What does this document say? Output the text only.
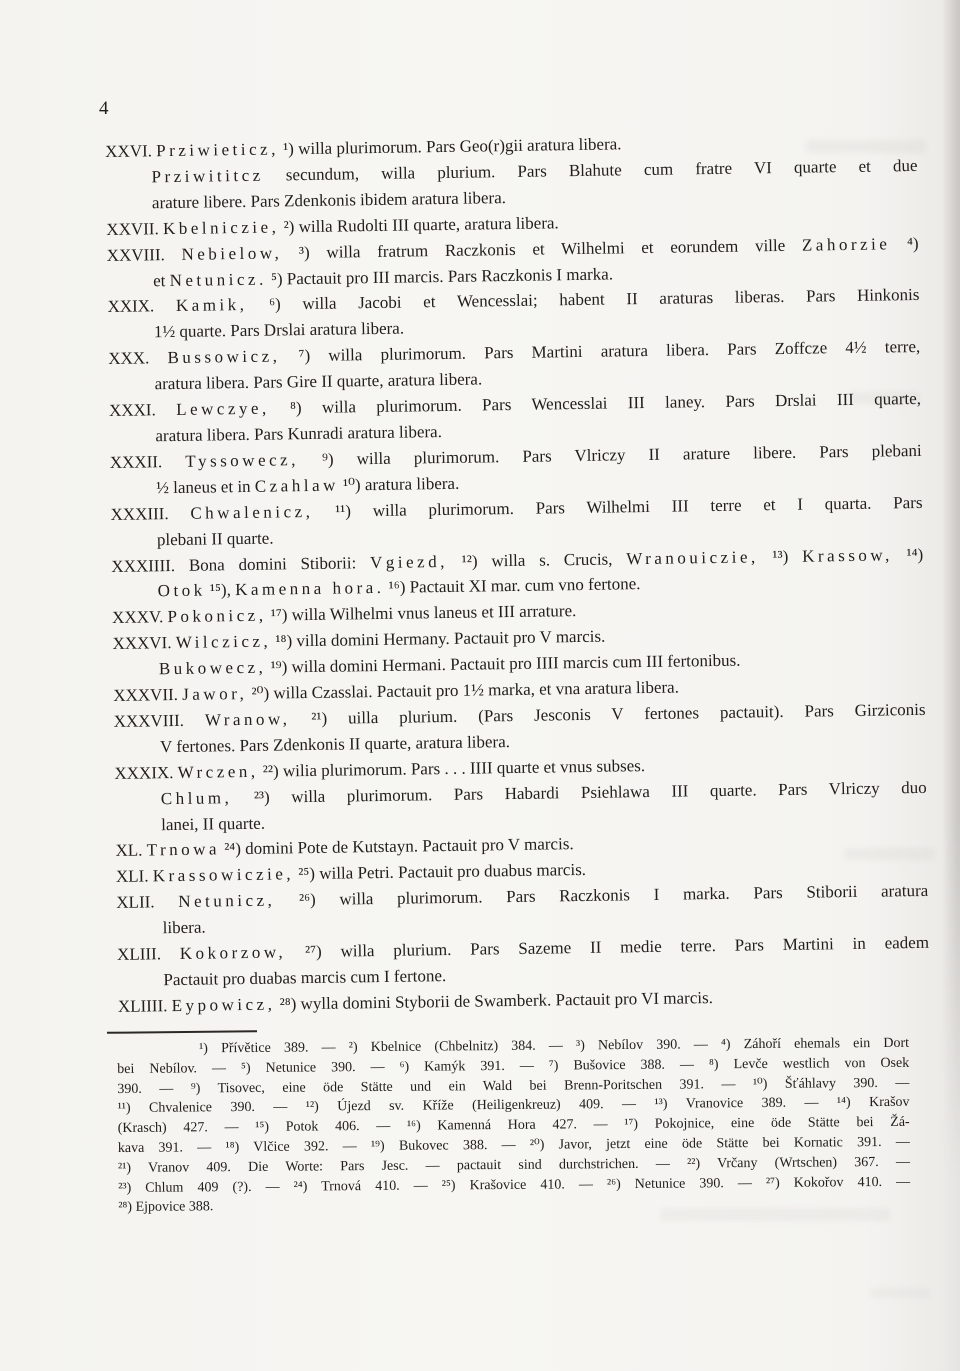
4
XXVI. Prziwieticz, ¹) willa plurimorum. Pars Geo(r)gii aratura libera.
Prziwititcz secundum, willa plurium. Pars Blahute cum fratre VI quarte et due
arature libere. Pars Zdenkonis ibidem aratura libera.
XXVII. Kbelniczie, ²) willa Rudolti III quarte, aratura libera.
XXVIII. Nebielow, ³) willa fratrum Raczkonis et Wilhelmi et eorundem ville Zahorzie ⁴)
et Netunicz. ⁵) Pactauit pro III marcis. Pars Raczkonis I marka.
XXIX. Kamik, ⁶) willa Jacobi et Wencesslai; habent II araturas liberas. Pars Hinkonis
1½ quarte. Pars Drslai aratura libera.
XXX. Bussowicz, ⁷) willa plurimorum. Pars Martini aratura libera. Pars Zoffcze 4½ terre,
aratura libera. Pars Gire II quarte, aratura libera.
XXXI. Lewczye, ⁸) willa plurimorum. Pars Wencesslai III laney. Pars Drslai III quarte,
aratura libera. Pars Kunradi aratura libera.
XXXII. Tyssowecz, ⁹) willa plurimorum. Pars Vlriczy II arature libere. Pars plebani
½ laneus et in Czahlaw ¹⁰) aratura libera.
XXXIII. Chwalenicz, ¹¹) willa plurimorum. Pars Wilhelmi III terre et I quarta. Pars
plebani II quarte.
XXXIIII. Bona domini Stiborii: Vgiezd, ¹²) willa s. Crucis, Wranouiczie, ¹³) Krassow, ¹⁴)
Otok ¹⁵), Kamenna hora. ¹⁶) Pactauit XI mar. cum vno fertone.
XXXV. Pokonicz, ¹⁷) willa Wilhelmi vnus laneus et III arrature.
XXXVI. Wilczicz, ¹⁸) villa domini Hermany. Pactauit pro V marcis.
Bukowecz, ¹⁹) willa domini Hermani. Pactauit pro IIII marcis cum III fertonibus.
XXXVII. Jawor, ²⁰) willa Czasslai. Pactauit pro 1½ marka, et vna aratura libera.
XXXVIII. Wranow, ²¹) uilla plurium. (Pars Jesconis V fertones pactauit). Pars Girziconis
V fertones. Pars Zdenkonis II quarte, aratura libera.
XXXIX. Wrczen, ²²) wilia plurimorum. Pars . . . IIII quarte et vnus subses.
Chlum, ²³) willa plurimorum. Pars Habardi Psiehlawa III quarte. Pars Vlriczy duo
lanei, II quarte.
XL. Trnowa ²⁴) domini Pote de Kutstayn. Pactauit pro V marcis.
XLI. Krassowiczie, ²⁵) willa Petri. Pactauit pro duabus marcis.
XLII. Netunicz, ²⁶) willa plurimorum. Pars Raczkonis I marka. Pars Stiborii aratura
libera.
XLIII. Kokorzow, ²⁷) willa plurium. Pars Sazeme II medie terre. Pars Martini in eadem
Pactauit pro duabas marcis cum I fertone.
XLIIII. Eypowicz, ²⁸) wylla domini Styborii de Swamberk. Pactauit pro VI marcis.
¹) Přívětice 389. — ²) Kbelnice (Chbelnitz) 384. — ³) Nebílov 390. — ⁴) Záhoří ehemals ein Dort
bei Nebílov. — ⁵) Netunice 390. — ⁶) Kamýk 391. — ⁷) Bušovice 388. — ⁸) Levče westlich von Osek
390. — ⁹) Tisovec, eine öde Stätte und ein Wald bei Brenn-Poritschen 391. — ¹⁰) Šťáhlavy 390. —
¹¹) Chvalenice 390. — ¹²) Újezd sv. Kříže (Heiligenkreuz) 409. — ¹³) Vranovice 389. — ¹⁴) Krašov
(Krasch) 427. — ¹⁵) Potok 406. — ¹⁶) Kamenná Hora 427. — ¹⁷) Pokojnice, eine öde Stätte bei Žá-
kava 391. — ¹⁸) Vlčice 392. — ¹⁹) Bukovec 388. — ²⁰) Javor, jetzt eine öde Stätte bei Kornatic 391. —
²¹) Vranov 409. Die Worte: Pars Jesc. — pactauit sind durchstrichen. — ²²) Vrčany (Wrtschen) 367. —
²³) Chlum 409 (?). — ²⁴) Trnová 410. — ²⁵) Krašovice 410. — ²⁶) Netunice 390. — ²⁷) Kokořov 410. —
²⁸) Ejpovice 388.
